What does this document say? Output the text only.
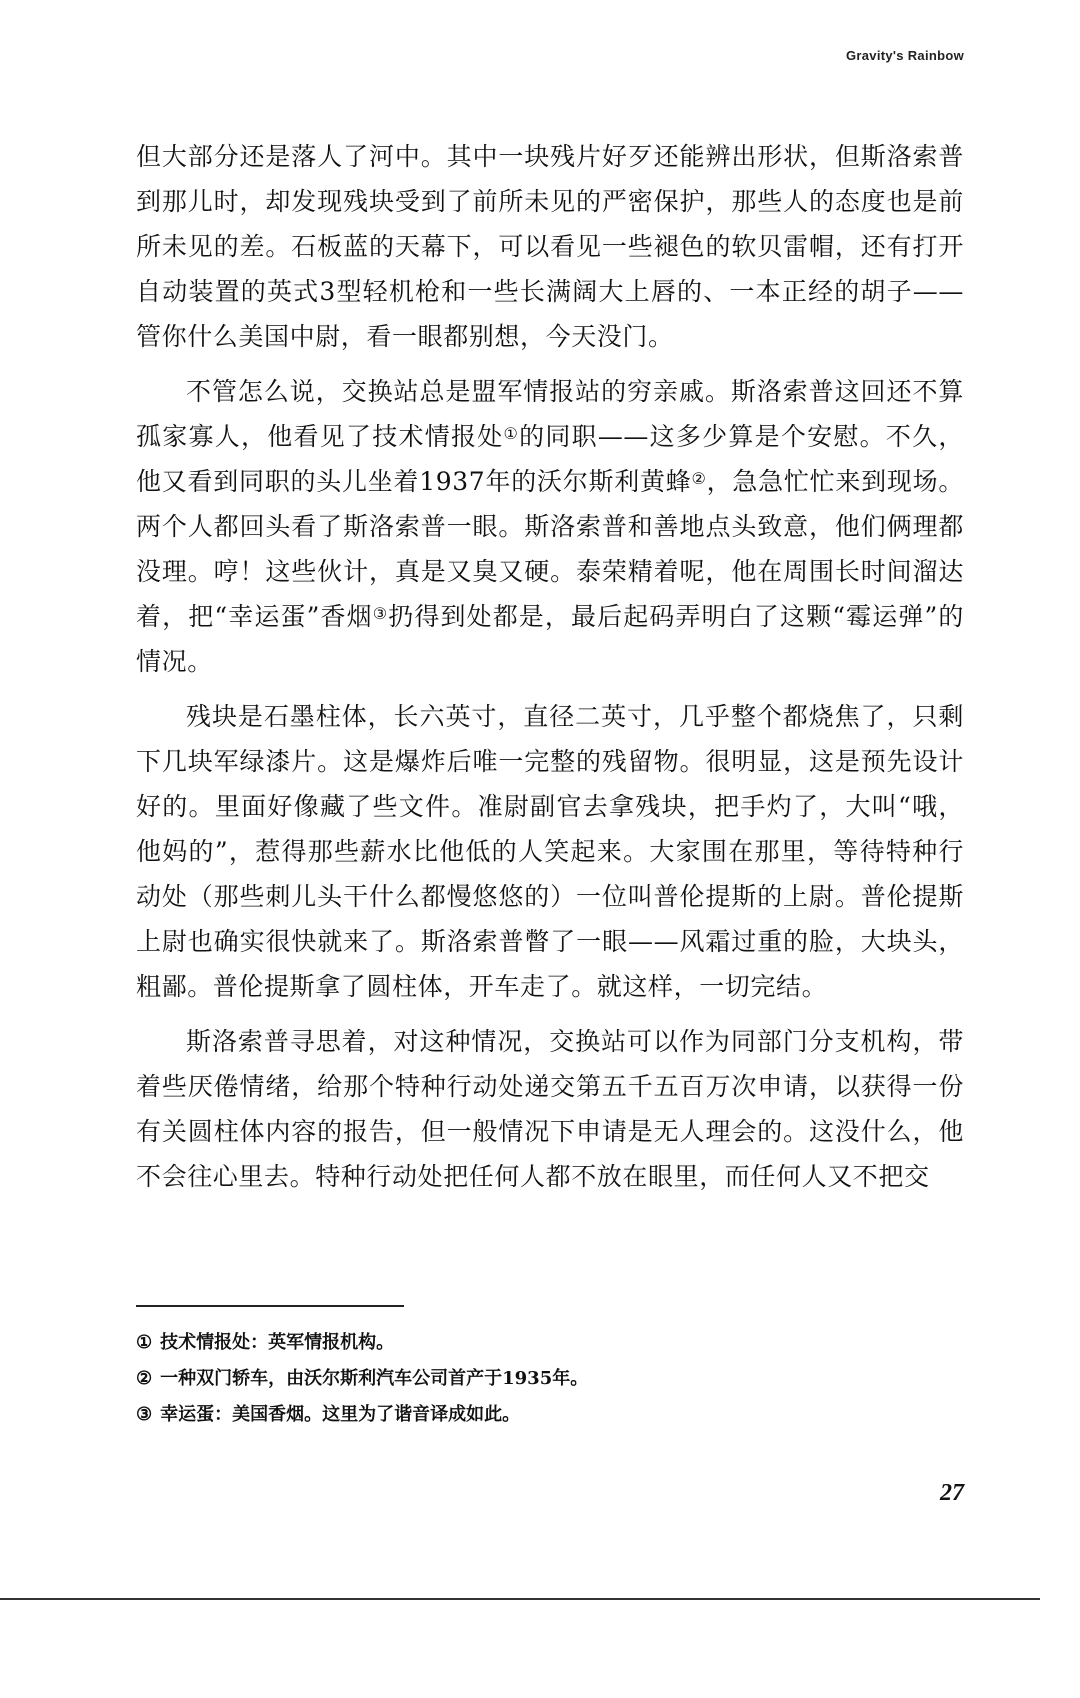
Gravity's Rainbow

但大部分还是落人了河中。其中一块残片好歹还能辨出形状，但斯洛索普到那儿时，却发现残块受到了前所未见的严密保护，那些人的态度也是前所未见的差。石板蓝的天幕下，可以看见一些褪色的软贝雷帽，还有打开自动装置的英式3型轻机枪和一些长满阔大上唇的、一本正经的胡子——管你什么美国中尉，看一眼都别想，今天没门。

不管怎么说，交换站总是盟军情报站的穷亲戚。斯洛索普这回还不算孤家寡人，他看见了技术情报处①的同职——这多少算是个安慰。不久，他又看到同职的头儿坐着1937年的沃尔斯利黄蜂②，急急忙忙来到现场。两个人都回头看了斯洛索普一眼。斯洛索普和善地点头致意，他们俩理都没理。哼！这些伙计，真是又臭又硬。泰荣精着呢，他在周围长时间溜达着，把“幸运蛋”香烟③扔得到处都是，最后起码弄明白了这颗“霉运弹”的情况。

残块是石墨柱体，长六英寸，直径二英寸，几乎整个都烧焦了，只剩下几块军绿漆片。这是爆炸后唯一完整的残留物。很明显，这是预先设计好的。里面好像藏了些文件。准尉副官去拿残块，把手灼了，大叫“哦，他妈的”，惹得那些薪水比他低的人笑起来。大家围在那里，等待特种行动处（那些刺儿头干什么都慢悠悠的）一位叫普伦提斯的上尉。普伦提斯上尉也确实很快就来了。斯洛索普瞥了一眼——风霜过重的脸，大块头，粗鄙。普伦提斯拿了圆柱体，开车走了。就这样，一切完结。

斯洛索普寻思着，对这种情况，交换站可以作为同部门分支机构，带着些厌倦情绪，给那个特种行动处递交第五千五百万次申请，以获得一份有关圆柱体内容的报告，但一般情况下申请是无人理会的。这没什么，他不会往心里去。特种行动处把任何人都不放在眼里，而任何人又不把交

① 技术情报处：英军情报机构。
② 一种双门轿车，由沃尔斯利汽车公司首产于1935年。
③ 幸运蛋：美国香烟。这里为了谐音译成如此。
27
